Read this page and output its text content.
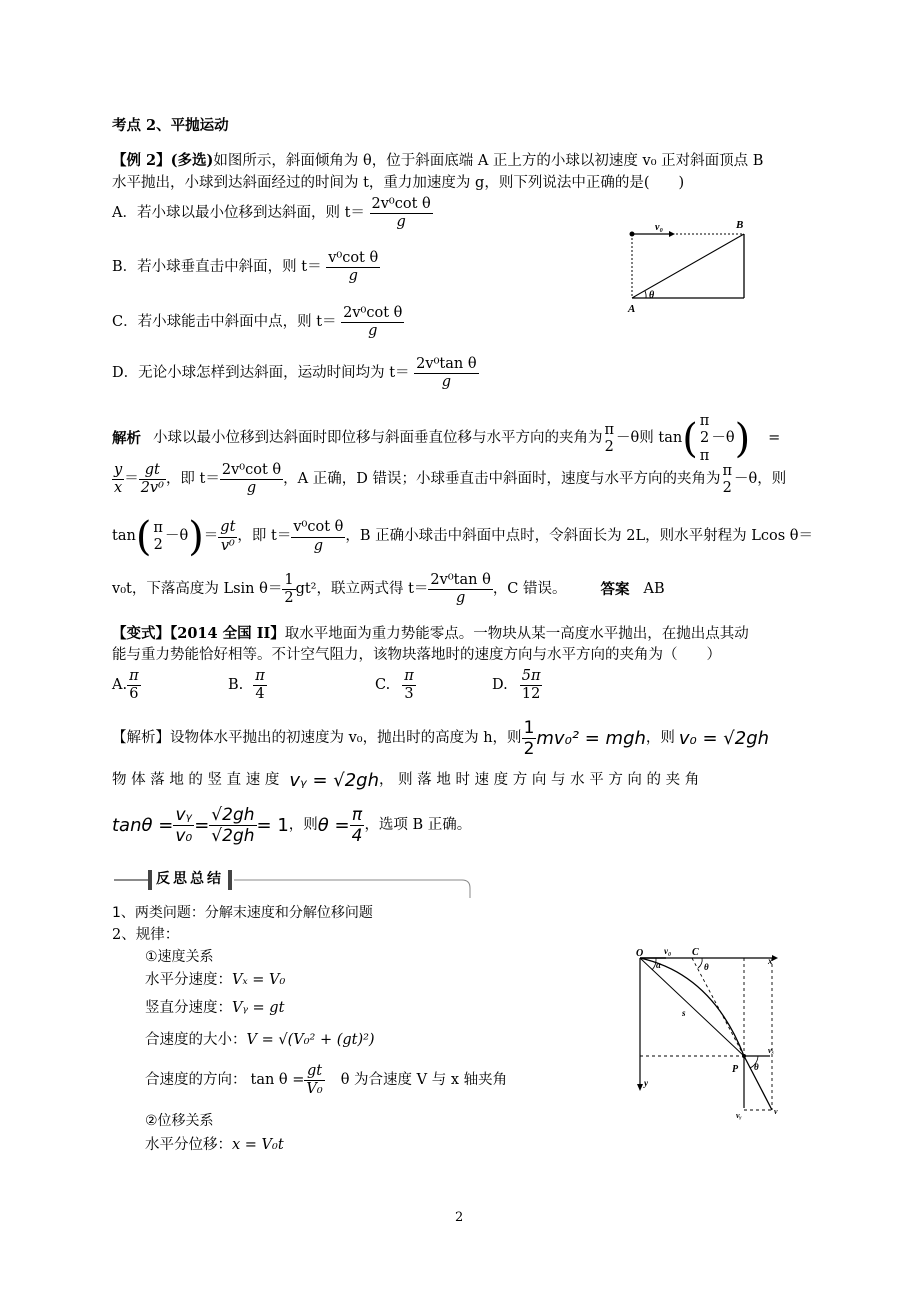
考点 2、平抛运动
【例 2】(多选)如图所示，斜面倾角为 θ，位于斜面底端 A 正上方的小球以初速度 v₀ 正对斜面顶点 B
水平抛出，小球到达斜面经过的时间为 t，重力加速度为 g，则下列说法中正确的是(　　)
A．若小球以最小位移到达斜面，则 $t= \frac{\text{2v⁰cot θ}}{g}$
B．若小球垂直击中斜面，则 $t= \frac{\text{v⁰cot θ}}{g}$
C．若小球能击中斜面中点，则 $t= \frac{\text{2v⁰cot θ}}{g}$
D．无论小球怎样到达斜面，运动时间均为 $t= \frac{\text{2v⁰tan θ}}{g}$
v₀	B
A
θ
解析 小球以最小位移到达斜面时即位移与斜面垂直位移与水平方向的夹角为
π
2
－θ则 tan( π
2
π
－θ) =
$\frac{y}{x} = \frac{gt}{\text{2v⁰}}$ ，即 $t= \frac{\text{2v⁰cot θ}}{g}$ ，A 正确，D 错误；小球垂直击中斜面时，速度与水平方向的夹角为
π
2
－θ，则
tan( π
2
$-\theta)= \frac{gt}{\text{v⁰}}$ ，即 $t= \frac{\text{v⁰cot θ}}{g}$ ，B 正确小球击中斜面中点时，令斜面长为 2L，则水平射程为 Lcos θ＝
v₀t，下落高度为 Lsin $\theta= \frac{1}{2} gt^2$，联立两式得 $t= \frac{\text{2v⁰tan θ}}{g}$ ，C 错误。 答案 AB
【变式】【2014 全国 II】取水平地面为重力势能零点。一物块从某一高度水平抛出，在抛出点其动
能与重力势能恰好相等。不计空气阻力，该物块落地时的速度方向与水平方向的夹角为（　　）
A. $\frac{\pi}{6}$	B. $\frac{\pi}{4}$	C. $\frac{\pi}{3}$	D. $\frac{5\pi}{12}$
【解析】设物体水平抛出的初速度为 v₀，抛出时的高度为 h，则 $\frac{1}{2} mv_0^2$ = mgh，则 v₀ = √2gh
物 体 落 地 的 竖 直 速 度 vᵧ = √2gh， 则 落 地 时 速 度 方 向 与 水 平 方 向 的 夹 角
$\tan\theta = \frac{\text{vᵧ}}{\text{v₀}} = \frac{√2gh}{√2gh} = 1$，则$\theta = \frac{\pi}{4}$ ，选项 B 正确。
反思总结
1、两类问题：分解末速度和分解位移问题
2、规律：
①速度关系
水平分速度：Vₓ = V₀
竖直分速度：Vᵧ = gt
合速度的大小：V = √(V₀² + (gt)²)
合速度的方向： $\tan \theta = \frac{gt}{\text{V₀}}$ θ 为合速度 V 与 x 轴夹角
②位移关系
水平分位移：x = V₀t
O v₀ C
x
α	θ
s
P
vₓ
y
θ
vᵧ	v
2
